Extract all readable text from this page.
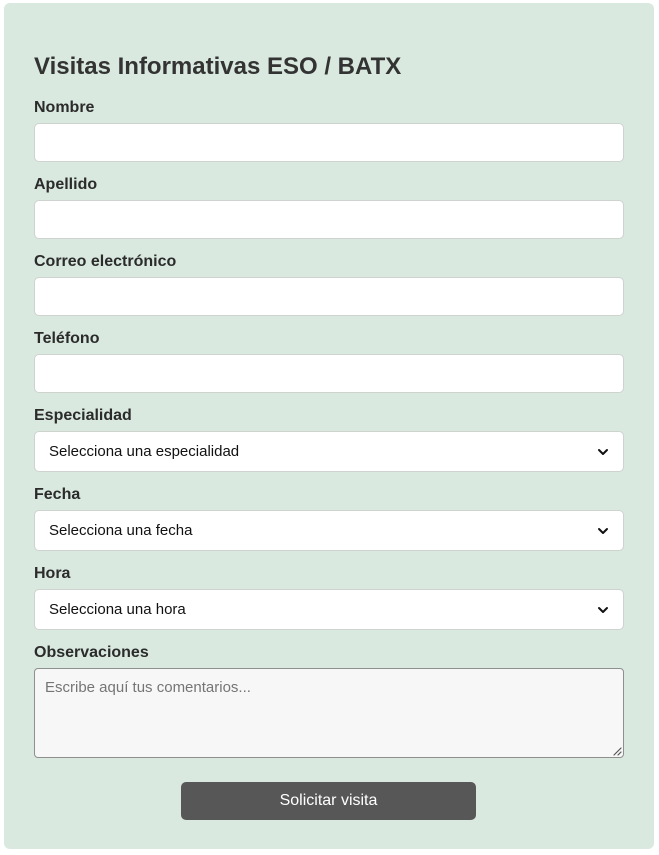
Visitas Informativas ESO / BATX
Nombre
Apellido
Correo electrónico
Teléfono
Especialidad
Selecciona una especialidad
Fecha
Selecciona una fecha
Hora
Selecciona una hora
Observaciones
Escribe aquí tus comentarios...
Solicitar visita
